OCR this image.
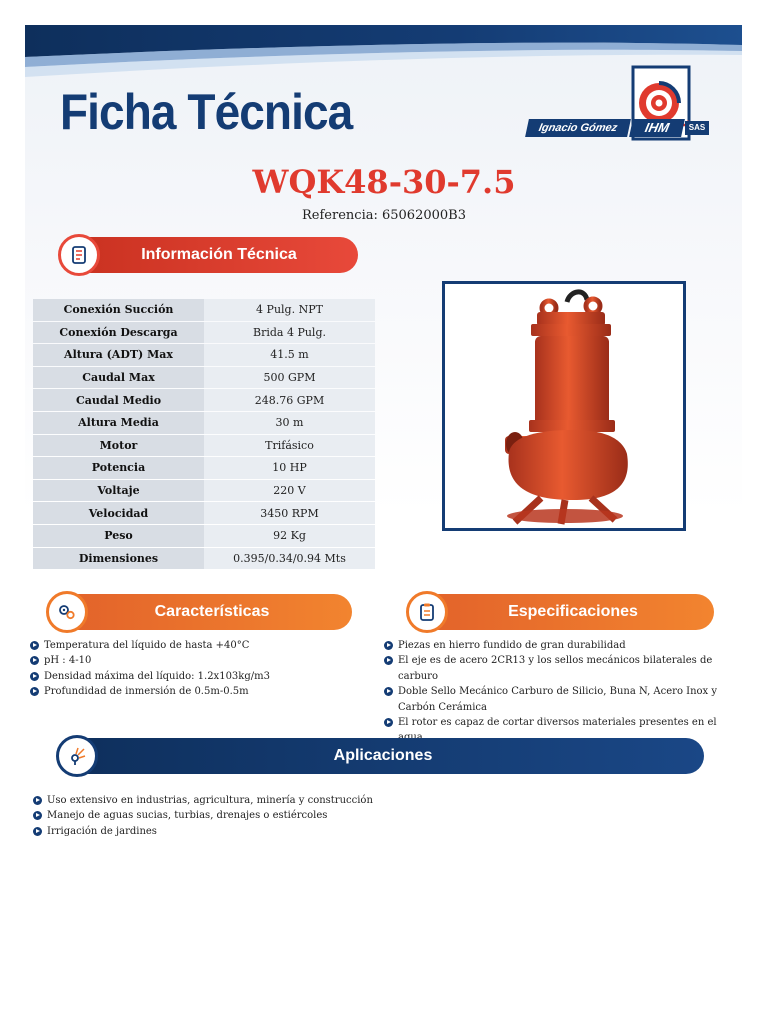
Ficha Técnica	Ignacio Gómez	IHM	SAS
WQK48-30-7.5
Referencia: 65062000B3
Información Técnica
Conexión Succión	4 Pulg. NPT
Conexión Descarga	Brida 4 Pulg.
Altura (ADT) Max	41.5 m
Caudal Max	500 GPM
Caudal Medio	248.76 GPM
Altura Media	30 m
Motor	Trifásico
Potencia	10 HP
Voltaje	220 V
Velocidad	3450 RPM
Peso	92 Kg
Dimensiones	0.395/0.34/0.94 Mts
Características	Especificaciones
Temperatura del líquido de hasta +40°C
pH : 4-10
Densidad máxima del líquido: 1.2x103kg/m3
Profundidad de inmersión de 0.5m-0.5m
Piezas en hierro fundido de gran durabilidad
El eje es de acero 2CR13 y los sellos mecánicos bilaterales de carburo
Doble Sello Mecánico Carburo de Silicio, Buna N, Acero Inox y Carbón Cerámica
El rotor es capaz de cortar diversos materiales presentes en el
Aplicaciones
Uso extensivo en industrias, agricultura, minería y construcción
Manejo de aguas sucias, turbias, drenajes o estiércoles
Irrigación de jardines
